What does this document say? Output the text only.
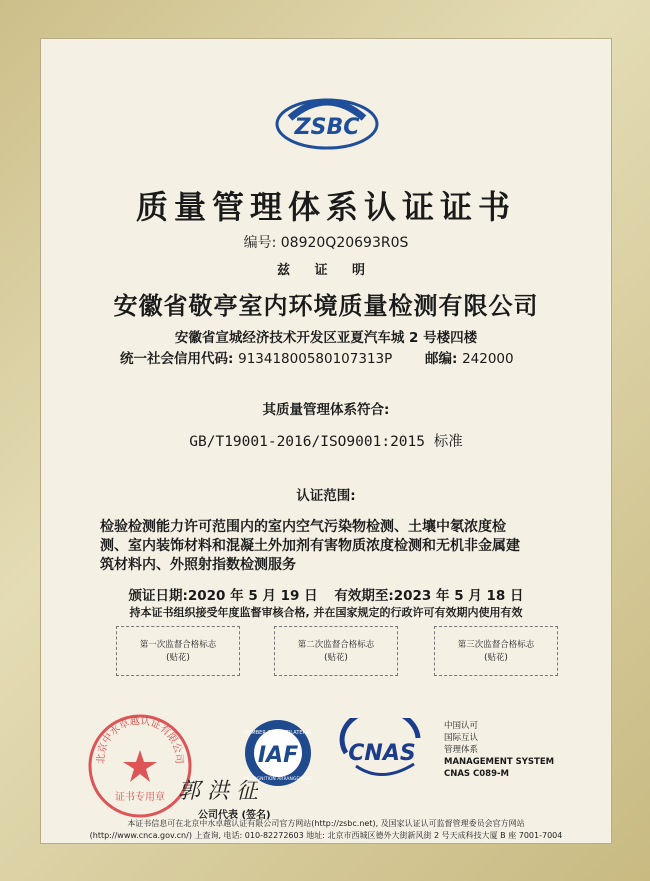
ZSBC
质量管理体系认证证书
编号: 08920Q20693R0S
兹 证 明
安徽省敬亭室内环境质量检测有限公司
安徽省宣城经济技术开发区亚夏汽车城 2 号楼四楼
统一社会信用代码: 91341800580107313P 邮编: 242000
其质量管理体系符合:
GB/T19001-2016/ISO9001:2015 标准
认证范围:
检验检测能力许可范围内的室内空气污染物检测、土壤中氡浓度检测、室内装饰材料和混凝土外加剂有害物质浓度检测和无机非金属建筑材料内、外照射指数检测服务
颁证日期:2020 年 5 月 19 日 有效期至:2023 年 5 月 18 日
持本证书组织接受年度监督审核合格, 并在国家规定的行政许可有效期内使用有效
第一次监督合格标志
(贴花)
第二次监督合格标志
(贴花)
第三次监督合格标志
(贴花)
北京中水卓越认证有限公司
证书专用章 郭 洪 征
公司代表 (签名)
MEMBER OF MULTILATERAL
IAF
RECOGNITION ARRANGEMENT
CNAS
中国认可
国际互认
管理体系
MANAGEMENT SYSTEM
CNAS C089-M
本证书信息可在北京中水卓越认证有限公司官方网站(http://zsbc.net), 及国家认证认可监督管理委员会官方网站
(http://www.cnca.gov.cn/) 上查询, 电话: 010-82272603 地址: 北京市西城区德外大街新风街 2 号天成科技大厦 B 座 7001-7004
